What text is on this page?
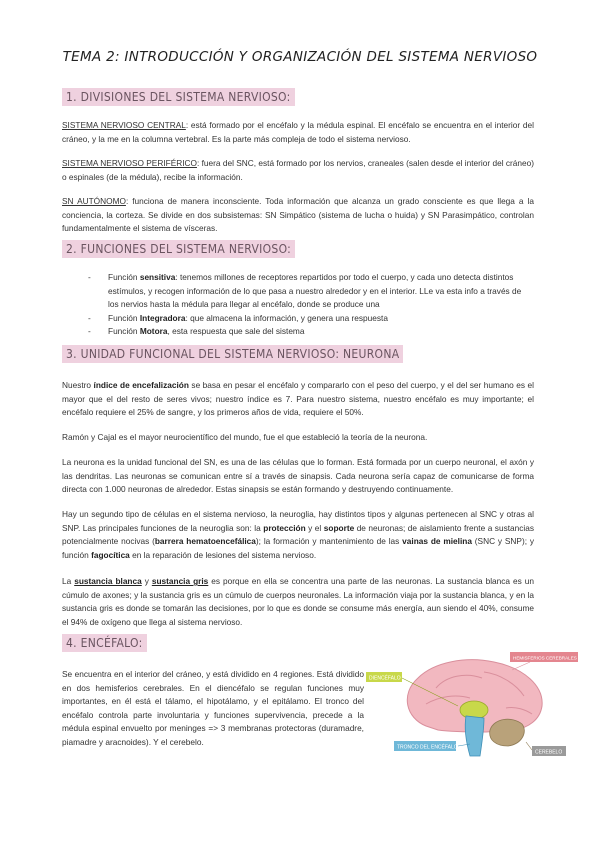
TEMA 2: INTRODUCCIÓN Y ORGANIZACIÓN DEL SISTEMA NERVIOSO
1. DIVISIONES DEL SISTEMA NERVIOSO:
SISTEMA NERVIOSO CENTRAL: está formado por el encéfalo y la médula espinal. El encéfalo se encuentra en el interior del cráneo, y la me en la columna vertebral. Es la parte más compleja de todo el sistema nervioso.
SISTEMA NERVIOSO PERIFÉRICO: fuera del SNC, está formado por los nervios, craneales (salen desde el interior del cráneo) o espinales (de la médula), recibe la información.
SN AUTÓNOMO: funciona de manera inconsciente. Toda información que alcanza un grado consciente es que llega a la conciencia, la corteza. Se divide en dos subsistemas: SN Simpático (sistema de lucha o huida) y SN Parasimpático, controlan fundamentalmente el sistema de vísceras.
2. FUNCIONES DEL SISTEMA NERVIOSO:
- Función sensitiva: tenemos millones de receptores repartidos por todo el cuerpo, y cada uno detecta distintos estímulos, y recogen información de lo que pasa a nuestro alrededor y en el interior. LLe va esta info a través de los nervios hasta la médula para llegar al encéfalo, donde se produce una
- Función Integradora: que almacena la información, y genera una respuesta
- Función Motora, esta respuesta que sale del sistema
3. UNIDAD FUNCIONAL DEL SISTEMA NERVIOSO: NEURONA
Nuestro índice de encefalización se basa en pesar el encéfalo y compararlo con el peso del cuerpo, y el del ser humano es el mayor que el del resto de seres vivos; nuestro índice es 7. Para nuestro sistema, nuestro encéfalo es muy importante; el encéfalo requiere el 25% de sangre, y los primeros años de vida, requiere el 50%.
Ramón y Cajal es el mayor neurocientífico del mundo, fue el que estableció la teoría de la neurona.
La neurona es la unidad funcional del SN, es una de las células que lo forman. Está formada por un cuerpo neuronal, el axón y las dendritas. Las neuronas se comunican entre sí a través de sinapsis. Cada neurona sería capaz de comunicarse de forma directa con 1.000 neuronas de alrededor. Estas sinapsis se están formando y destruyendo continuamente.
Hay un segundo tipo de células en el sistema nervioso, la neuroglia, hay distintos tipos y algunas pertenecen al SNC y otras al SNP. Las principales funciones de la neuroglia son: la protección y el soporte de neuronas; de aislamiento frente a sustancias potencialmente nocivas (barrera hematoencefálica); la formación y mantenimiento de las vainas de mielina (SNC y SNP); y función fagocítica en la reparación de lesiones del sistema nervioso.
La sustancia blanca y sustancia gris es porque en ella se concentra una parte de las neuronas. La sustancia blanca es un cúmulo de axones; y la sustancia gris es un cúmulo de cuerpos neuronales. La información viaja por la sustancia blanca, y en la sustancia gris es donde se tomarán las decisiones, por lo que es donde se consume más energía, aun siendo el 40%, consume el 94% de oxígeno que llega al sistema nervioso.
4. ENCÉFALO:
Se encuentra en el interior del cráneo, y está dividido en 4 regiones. Está dividido en dos hemisferios cerebrales. En el diencéfalo se regulan funciones muy importantes, en él está el tálamo, el hipotálamo, y el epitálamo. El tronco del encéfalo controla parte involuntaria y funciones supervivencia, precede a la médula espinal envuelto por meninges => 3 membranas protectoras (duramadre, piamadre y aracnoides). Y el cerebelo.
DIENCÉFALO
HEMISFERIOS CEREBRALES
TRONCO DEL ENCÉFALO
CEREBELO
